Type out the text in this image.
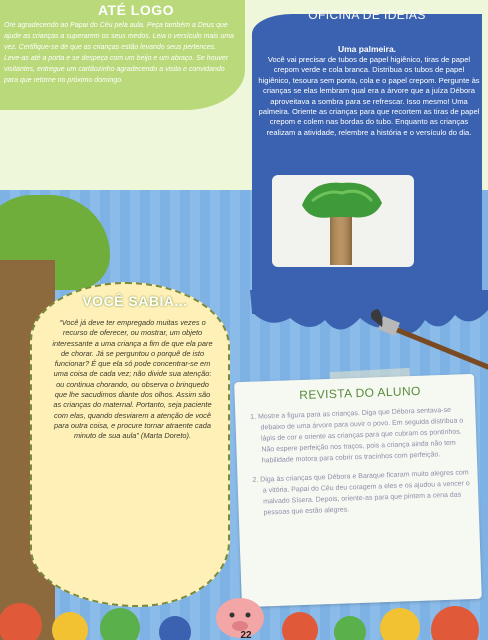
ATÉ LOGO
Ore agradecendo ao Papai do Céu pela aula. Peça também a Deus que ajude as crianças a superarem os seus medos. Leia o versículo mais uma vez. Certifique-se de que as crianças estão levando seus pertences. Leve-as até a porta e se despeça com um beijo e um abraço. Se houver visitantes, entregue um cartãozinho agradecendo a visita e convidando para que retorne no próximo domingo.
OFICINA DE IDEIAS
Uma palmeira.
Você vai precisar de tubos de papel higiênico, tiras de papel crepom verde e cola branca. Distribua os tubos de papel higiênico, tesoura sem ponta, cola e o papel crepom. Pergunte às crianças se elas lembram qual era a árvore que a juíza Débora aproveitava a sombra para se refrescar. Isso mesmo! Uma palmeira. Oriente as crianças para que recortem as tiras de papel crepom e colem nas bordas do tubo. Enquanto as crianças realizam a atividade, relembre a história e o versículo do dia.
VOCÊ SABIA...
“Você já deve ter empregado muitas vezes o recurso de oferecer, ou mostrar, um objeto interessante a uma criança a fim de que ela pare de chorar. Já se perguntou o porquê de isto funcionar? É que ela só pode concentrar-se em uma coisa de cada vez; não divide sua atenção: ou continua chorando, ou observa o brinquedo que lhe sacudimos diante dos olhos. Assim são as crianças do maternal. Portanto, seja paciente com elas, quando desviarem a atenção de você para outra coisa, e procure tornar atraente cada minuto de sua aula” (Marta Doreto).
REVISTA DO ALUNO
1. Mostre a figura para as crianças. Diga que Débora sentava-se debaixo de uma árvore para ouvir o povo. Em seguida distribua o lápis de cor e oriente as crianças para que cubram os pontinhos. Não espere perfeição nos traços, pois a criança ainda não tem habilidade motora para cobrir os tracinhos com perfeição.
2. Diga às crianças que Débora e Baraque ficaram muito alegres com a vitória. Papai do Céu deu coragem a eles e os ajudou a vencer o malvado Sísera. Depois, oriente-as para que pintem a cena das pessoas que estão alegres.
22
